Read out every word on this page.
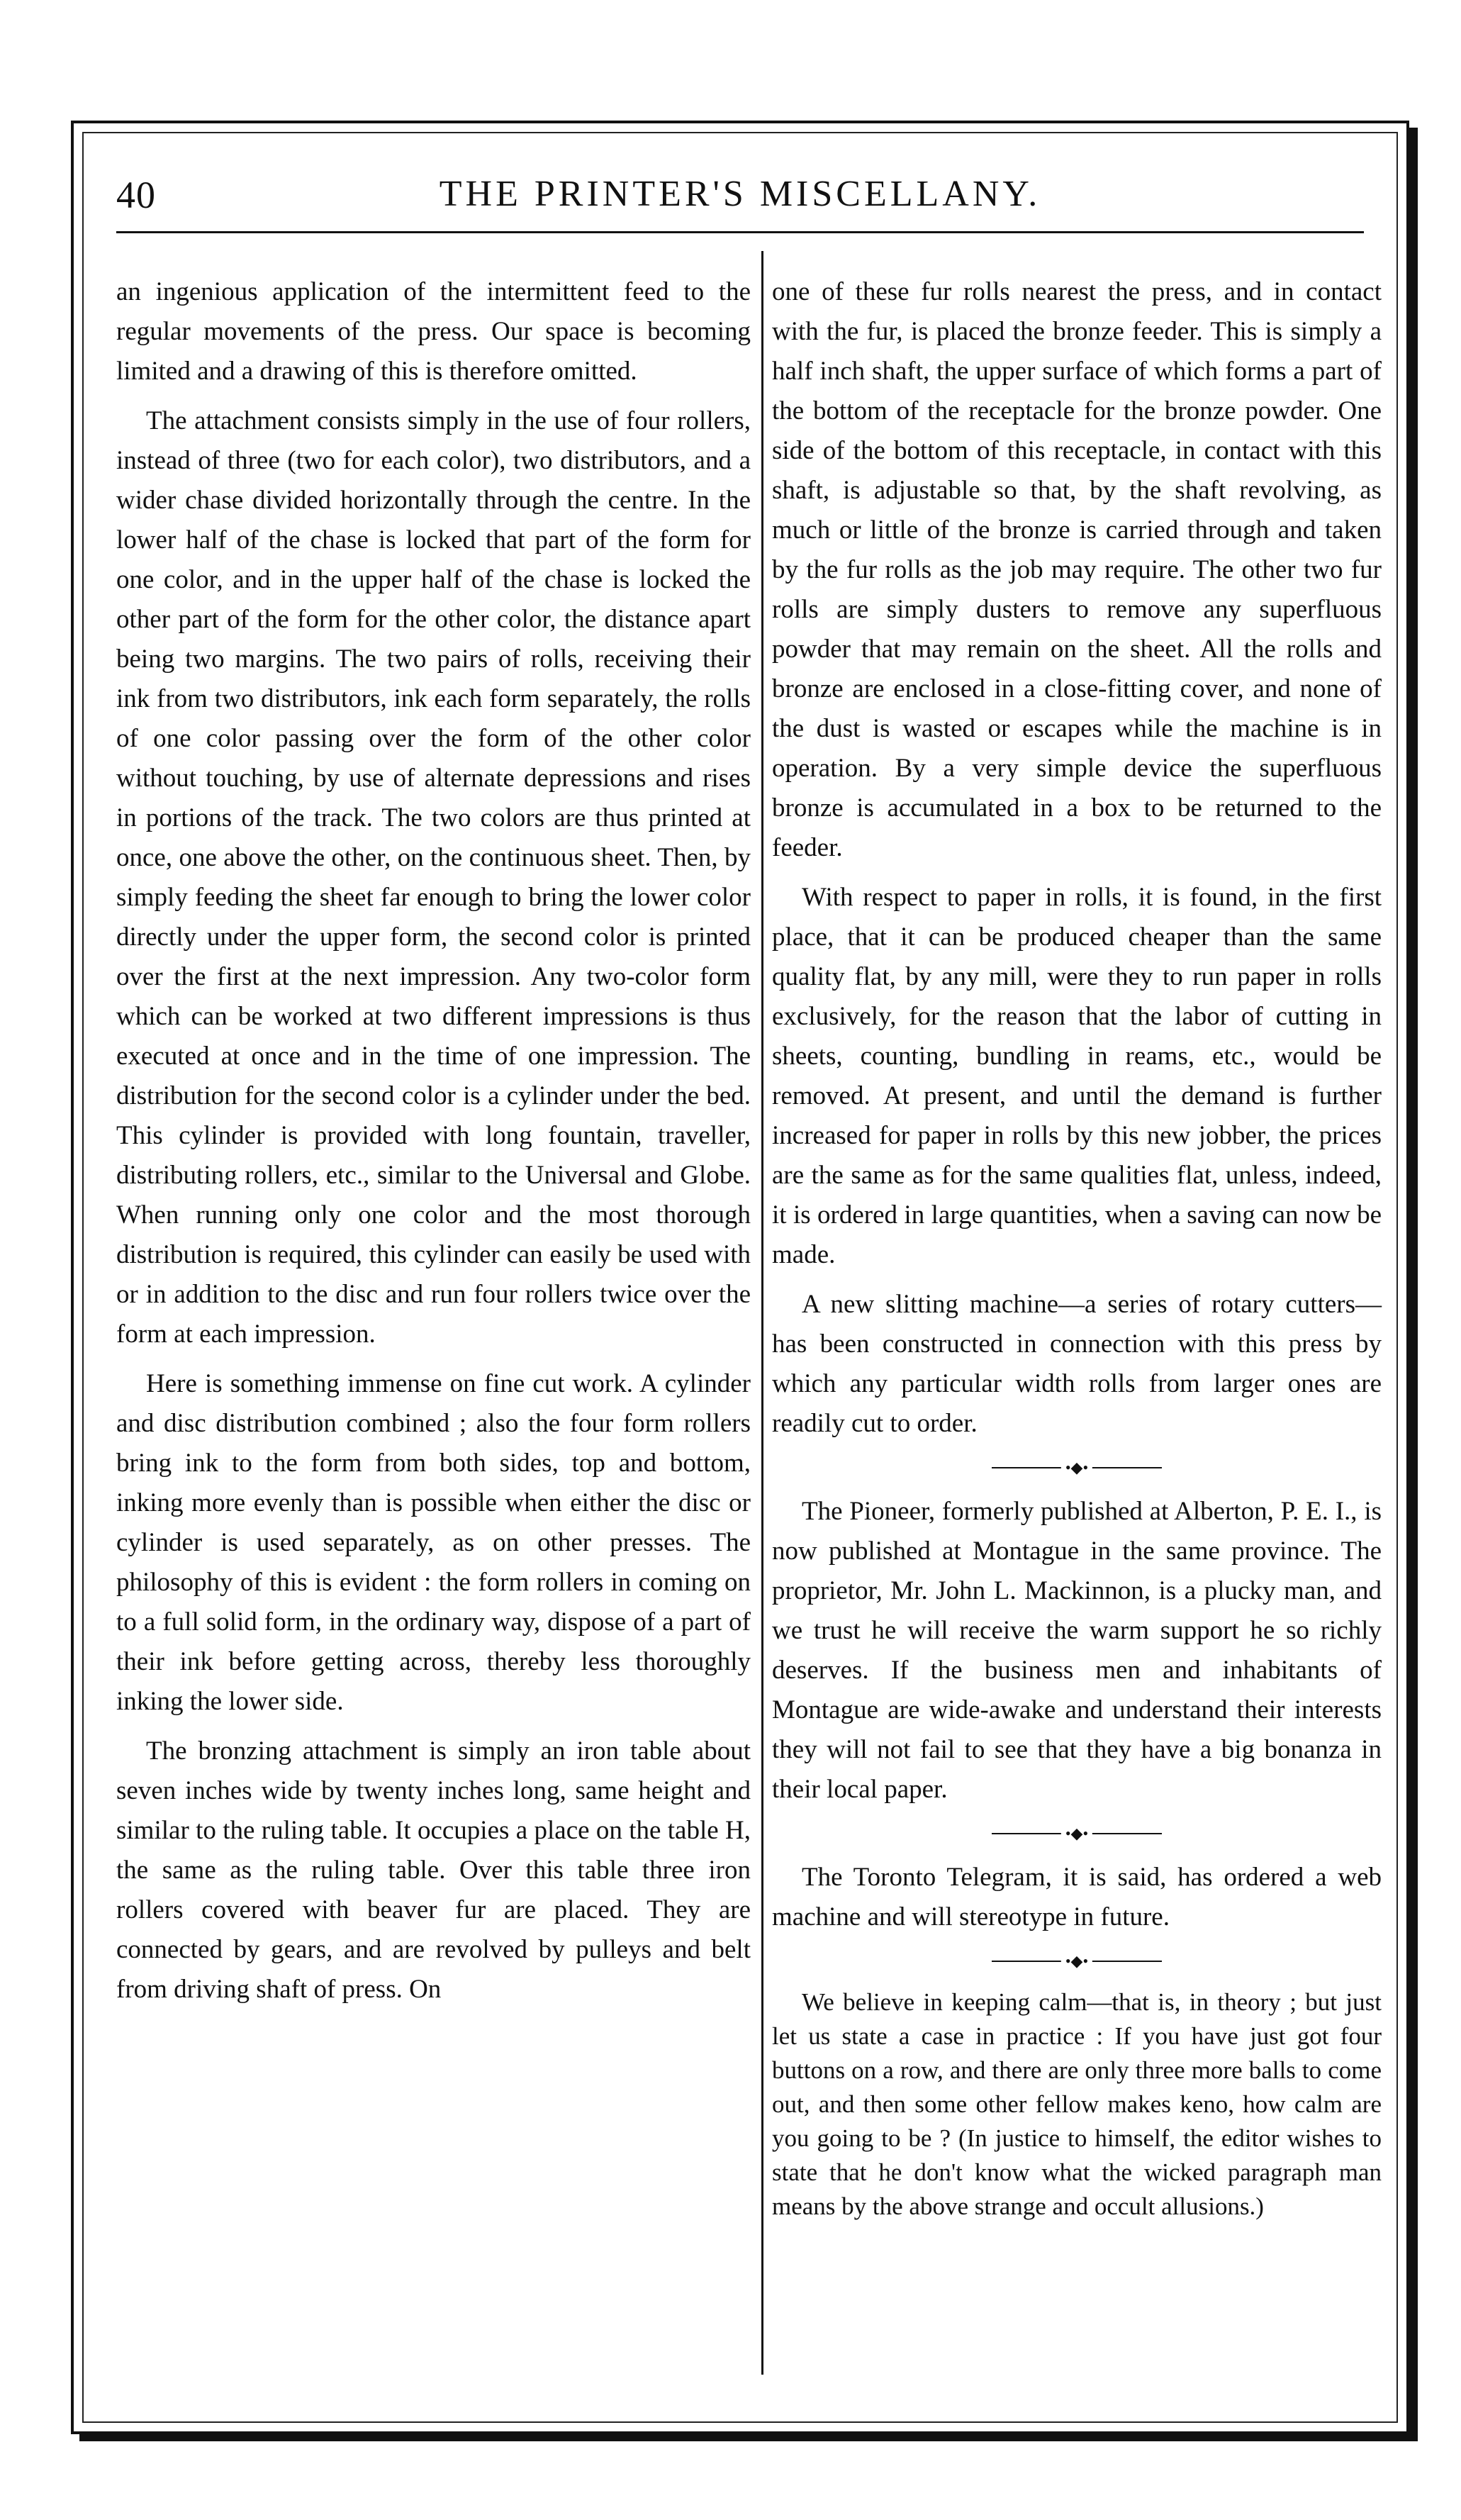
40	THE PRINTER'S MISCELLANY.

an ingenious application of the intermittent feed to the regular movements of the press. Our space is becoming limited and a drawing of this is therefore omitted.

The attachment consists simply in the use of four rollers, instead of three (two for each color), two distributors, and a wider chase divided horizontally through the centre. In the lower half of the chase is locked that part of the form for one color, and in the upper half of the chase is locked the other part of the form for the other color, the distance apart being two margins. The two pairs of rolls, receiving their ink from two distributors, ink each form separately, the rolls of one color passing over the form of the other color without touching, by use of alternate depressions and rises in portions of the track. The two colors are thus printed at once, one above the other, on the continuous sheet. Then, by simply feeding the sheet far enough to bring the lower color directly under the upper form, the second color is printed over the first at the next impression. Any two-color form which can be worked at two different impressions is thus executed at once and in the time of one impression. The distribution for the second color is a cylinder under the bed. This cylinder is provided with long fountain, traveller, distributing rollers, etc., similar to the Universal and Globe. When running only one color and the most thorough distribution is required, this cylinder can easily be used with or in addition to the disc and run four rollers twice over the form at each impression.

Here is something immense on fine cut work. A cylinder and disc distribution combined ; also the four form rollers bring ink to the form from both sides, top and bottom, inking more evenly than is possible when either the disc or cylinder is used separately, as on other presses. The philosophy of this is evident : the form rollers in coming on to a full solid form, in the ordinary way, dispose of a part of their ink before getting across, thereby less thoroughly inking the lower side.

The bronzing attachment is simply an iron table about seven inches wide by twenty inches long, same height and similar to the ruling table. It occupies a place on the table H, the same as the ruling table. Over this table three iron rollers covered with beaver fur are placed. They are connected by gears, and are revolved by pulleys and belt from driving shaft of press. On

one of these fur rolls nearest the press, and in contact with the fur, is placed the bronze feeder. This is simply a half inch shaft, the upper surface of which forms a part of the bottom of the receptacle for the bronze powder. One side of the bottom of this receptacle, in contact with this shaft, is adjustable so that, by the shaft revolving, as much or little of the bronze is carried through and taken by the fur rolls as the job may require. The other two fur rolls are simply dusters to remove any superfluous powder that may remain on the sheet. All the rolls and bronze are enclosed in a close-fitting cover, and none of the dust is wasted or escapes while the machine is in operation. By a very simple device the superfluous bronze is accumulated in a box to be returned to the feeder.

With respect to paper in rolls, it is found, in the first place, that it can be produced cheaper than the same quality flat, by any mill, were they to run paper in rolls exclusively, for the reason that the labor of cutting in sheets, counting, bundling in reams, etc., would be removed. At present, and until the demand is further increased for paper in rolls by this new jobber, the prices are the same as for the same qualities flat, unless, indeed, it is ordered in large quantities, when a saving can now be made.

A new slitting machine—a series of rotary cutters—has been constructed in connection with this press by which any particular width rolls from larger ones are readily cut to order.

•◆•

The Pioneer, formerly published at Alberton, P. E. I., is now published at Montague in the same province. The proprietor, Mr. John L. Mackinnon, is a plucky man, and we trust he will receive the warm support he so richly deserves. If the business men and inhabitants of Montague are wide-awake and understand their interests they will not fail to see that they have a big bonanza in their local paper.

•◆•

The Toronto Telegram, it is said, has ordered a web machine and will stereotype in future.

•◆•

We believe in keeping calm—that is, in theory ; but just let us state a case in practice : If you have just got four buttons on a row, and there are only three more balls to come out, and then some other fellow makes keno, how calm are you going to be ? (In justice to himself, the editor wishes to state that he don't know what the wicked paragraph man means by the above strange and occult allusions.)
